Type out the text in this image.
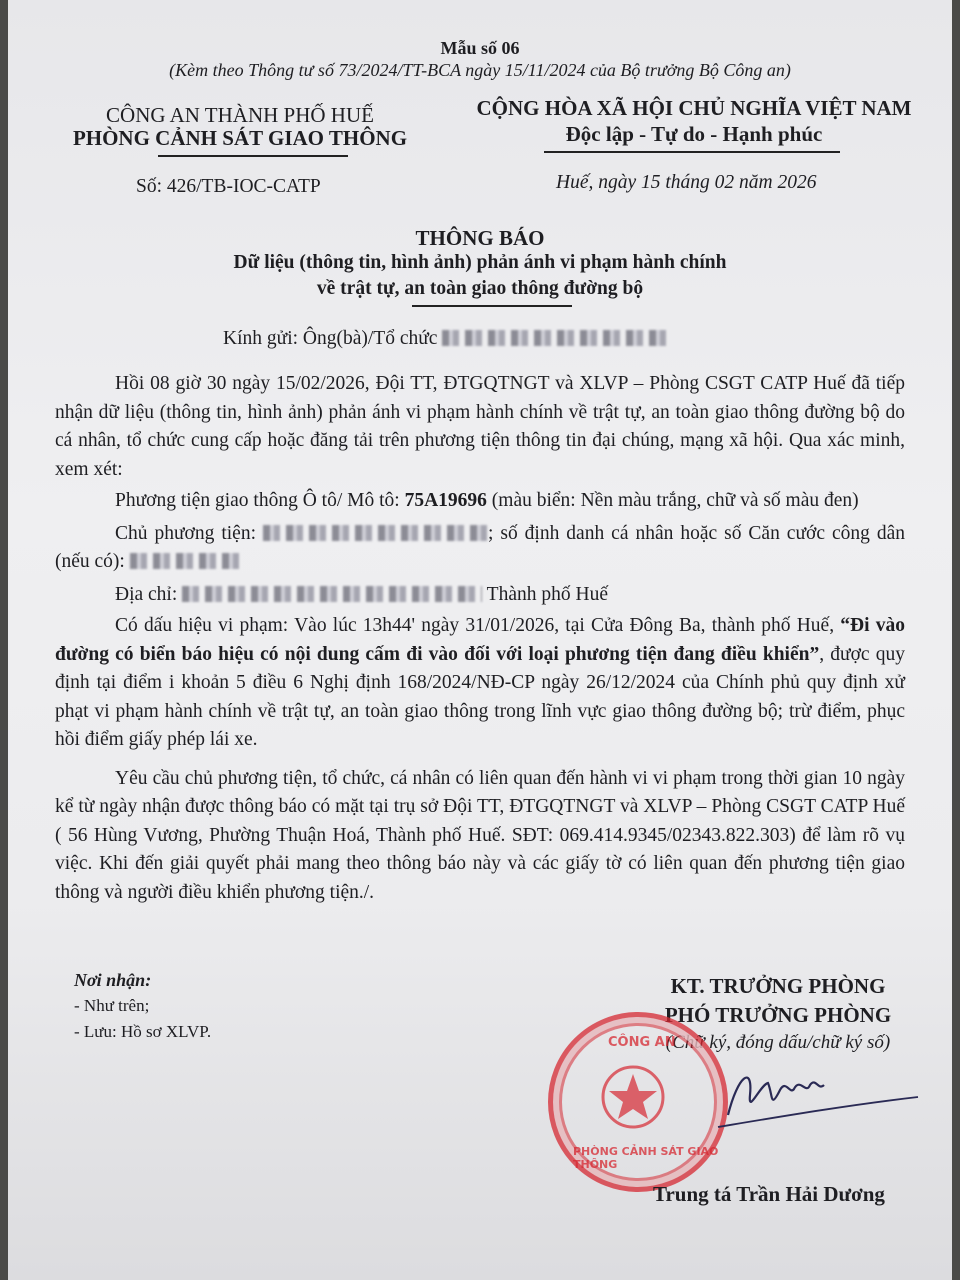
Mẫu số 06
(Kèm theo Thông tư số 73/2024/TT-BCA ngày 15/11/2024 của Bộ trưởng Bộ Công an)
CÔNG AN THÀNH PHỐ HUẾ
PHÒNG CẢNH SÁT GIAO THÔNG
CỘNG HÒA XÃ HỘI CHỦ NGHĨA VIỆT NAM
Độc lập - Tự do - Hạnh phúc
Số: 426/TB-IOC-CATP	Huế, ngày 15 tháng 02 năm 2026
THÔNG BÁO
Dữ liệu (thông tin, hình ảnh) phản ánh vi phạm hành chính
về trật tự, an toàn giao thông đường bộ
Kính gửi: Ông(bà)/Tổ chức

Hồi 08 giờ 30 ngày 15/02/2026, Đội TT, ĐTGQTNGT và XLVP – Phòng CSGT CATP Huế đã tiếp nhận dữ liệu (thông tin, hình ảnh) phản ánh vi phạm hành chính về trật tự, an toàn giao thông đường bộ do cá nhân, tổ chức cung cấp hoặc đăng tải trên phương tiện thông tin đại chúng, mạng xã hội. Qua xác minh, xem xét:

Phương tiện giao thông Ô tô/ Mô tô: 75A19696 (màu biển: Nền màu trắng, chữ và số màu đen)

Chủ phương tiện:	; số định danh cá nhân hoặc số Căn cước công dân (nếu có):

Địa chỉ:	Thành phố Huế

Có dấu hiệu vi phạm: Vào lúc 13h44' ngày 31/01/2026, tại Cửa Đông Ba, thành phố Huế, “Đi vào đường có biển báo hiệu có nội dung cấm đi vào đối với loại phương tiện đang điều khiển”, được quy định tại điểm i khoản 5 điều 6 Nghị định 168/2024/NĐ-CP ngày 26/12/2024 của Chính phủ quy định xử phạt vi phạm hành chính về trật tự, an toàn giao thông trong lĩnh vực giao thông đường bộ; trừ điểm, phục hồi điểm giấy phép lái xe.

Yêu cầu chủ phương tiện, tổ chức, cá nhân có liên quan đến hành vi vi phạm trong thời gian 10 ngày kể từ ngày nhận được thông báo có mặt tại trụ sở Đội TT, ĐTGQTNGT và XLVP – Phòng CSGT CATP Huế ( 56 Hùng Vương, Phường Thuận Hoá, Thành phố Huế. SĐT: 069.414.9345/02343.822.303) để làm rõ vụ việc. Khi đến giải quyết phải mang theo thông báo này và các giấy tờ có liên quan đến phương tiện giao thông và người điều khiển phương tiện./.

Nơi nhận:
- Như trên;
- Lưu: Hồ sơ XLVP.
KT. TRƯỞNG PHÒNG
PHÓ TRƯỞNG PHÒNG
(Chữ ký, đóng dấu/chữ ký số)
CÔNG AN
PHÒNG CẢNH SÁT GIAO THÔNG
Trung tá Trần Hải Dương
